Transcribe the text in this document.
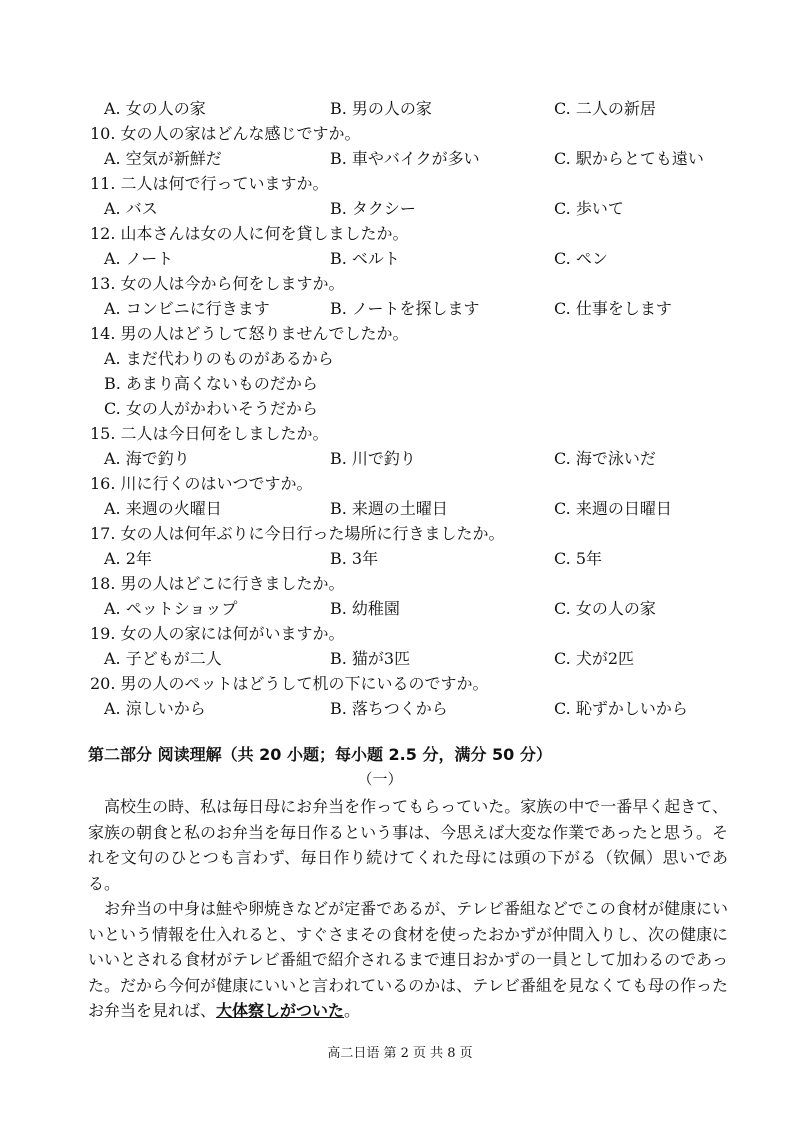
A. 女の人の家	B. 男の人の家	C. 二人の新居
10. 女の人の家はどんな感じですか。
A. 空気が新鮮だ	B. 車やバイクが多い	C. 駅からとても遠い
11. 二人は何で行っていますか。
A. バス	B. タクシー	C. 歩いて
12. 山本さんは女の人に何を貸しましたか。
A. ノート	B. ベルト	C. ペン
13. 女の人は今から何をしますか。
A. コンビニに行きます	B. ノートを探します	C. 仕事をします
14. 男の人はどうして怒りませんでしたか。
A. まだ代わりのものがあるから
B. あまり高くないものだから
C. 女の人がかわいそうだから
15. 二人は今日何をしましたか。
A. 海で釣り	B. 川で釣り	C. 海で泳いだ
16. 川に行くのはいつですか。
A. 来週の火曜日	B. 来週の土曜日	C. 来週の日曜日
17. 女の人は何年ぶりに今日行った場所に行きましたか。
A. 2年	B. 3年	C. 5年
18. 男の人はどこに行きましたか。
A. ペットショップ	B. 幼稚園	C. 女の人の家
19. 女の人の家には何がいますか。
A. 子どもが二人	B. 猫が3匹	C. 犬が2匹
20. 男の人のペットはどうして机の下にいるのですか。
A. 涼しいから	B. 落ちつくから	C. 恥ずかしいから
第二部分 阅读理解（共 20 小题；每小题 2.5 分，满分 50 分）
（一）

高校生の時、私は毎日母にお弁当を作ってもらっていた。家族の中で一番早く起きて、家族の朝食と私のお弁当を毎日作るという事は、今思えば大変な作業であったと思う。それを文句のひとつも言わず、毎日作り続けてくれた母には頭の下がる（钦佩）思いである。

お弁当の中身は鮭や卵焼きなどが定番であるが、テレビ番組などでこの食材が健康にいいという情報を仕入れると、すぐさまその食材を使ったおかずが仲間入りし、次の健康にいいとされる食材がテレビ番組で紹介されるまで連日おかずの一員として加わるのであった。だから今何が健康にいいと言われているのかは、テレビ番組を見なくても母の作ったお弁当を見れば、大体察しがついた。

高二日语 第 2 页 共 8 页
